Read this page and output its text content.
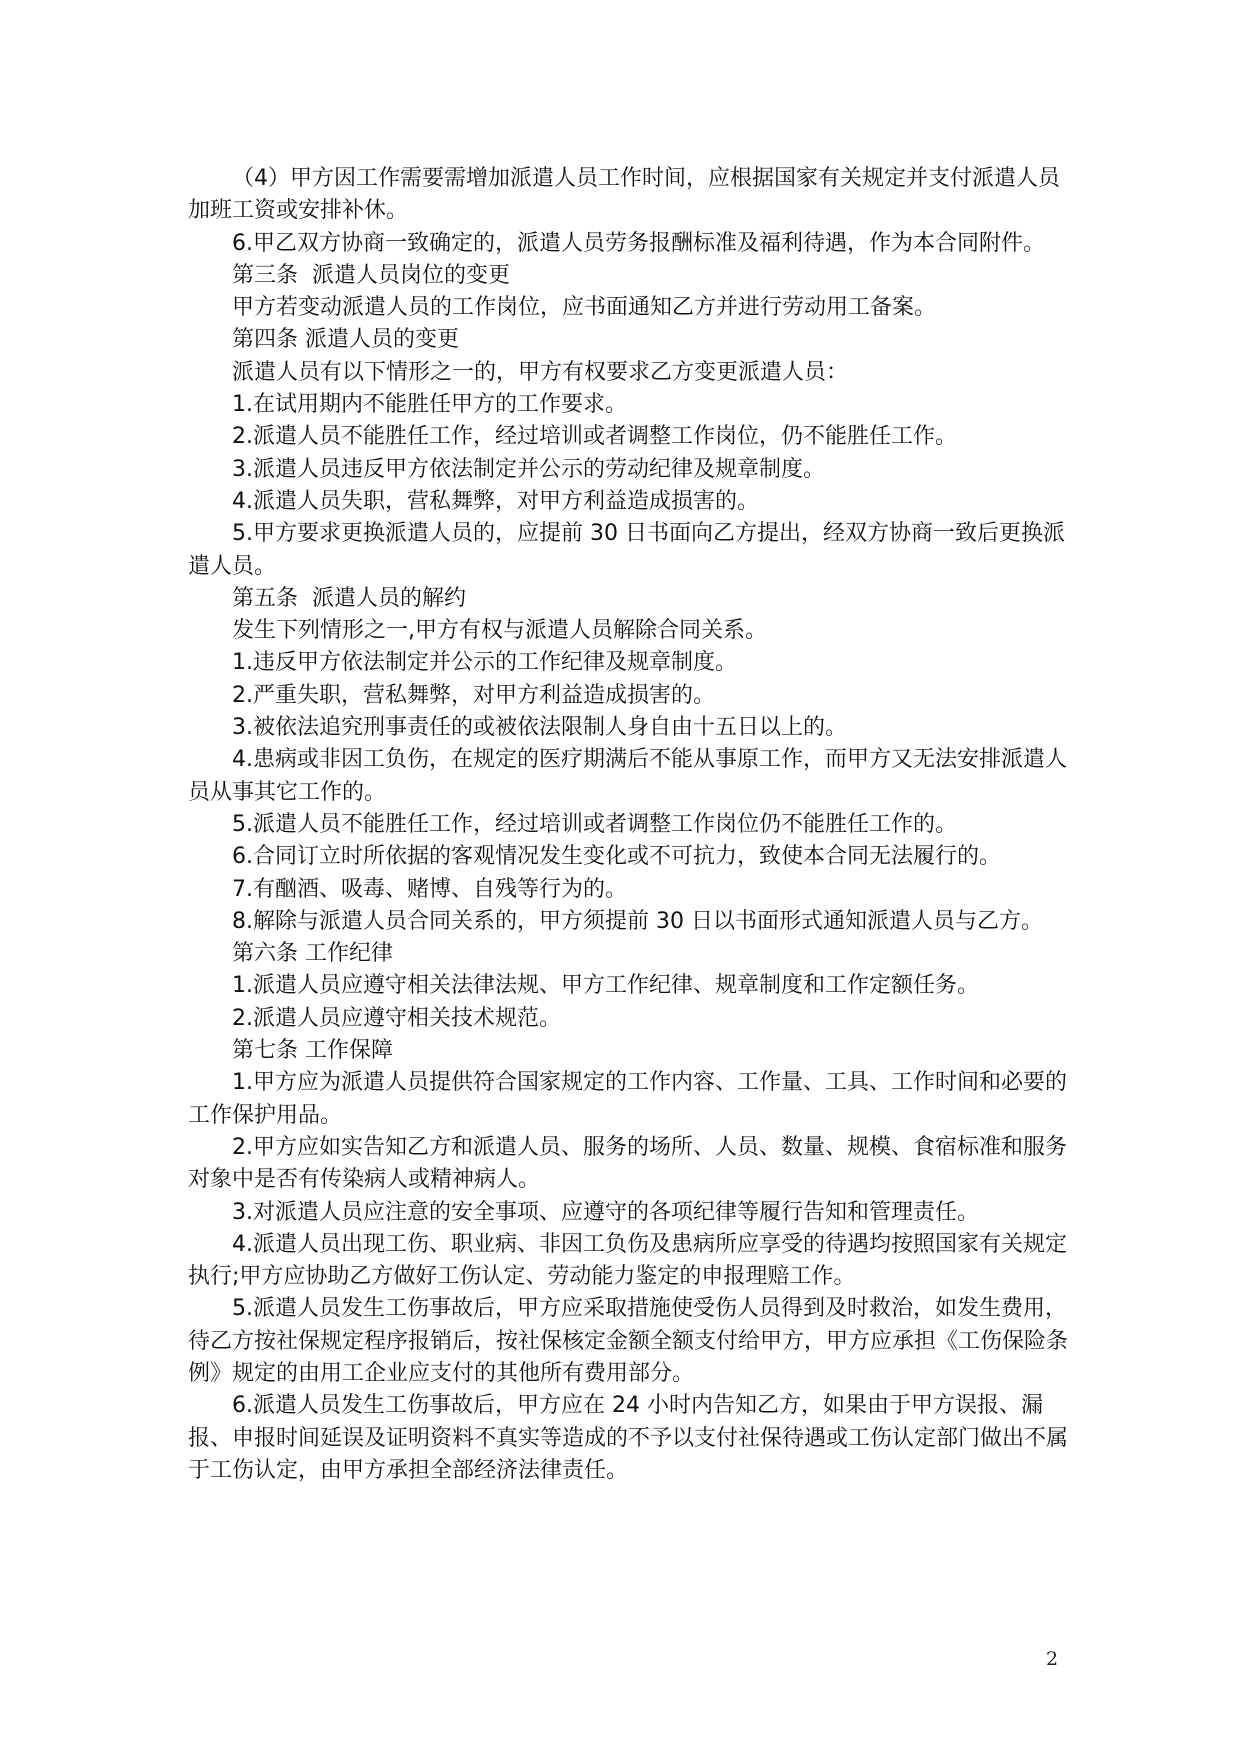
（4）甲方因工作需要需增加派遣人员工作时间，应根据国家有关规定并支付派遣人员加班工资或安排补休。

6.甲乙双方协商一致确定的，派遣人员劳务报酬标准及福利待遇，作为本合同附件。

第三条  派遣人员岗位的变更

甲方若变动派遣人员的工作岗位，应书面通知乙方并进行劳动用工备案。

第四条 派遣人员的变更

派遣人员有以下情形之一的，甲方有权要求乙方变更派遣人员：

1.在试用期内不能胜任甲方的工作要求。

2.派遣人员不能胜任工作，经过培训或者调整工作岗位，仍不能胜任工作。

3.派遣人员违反甲方依法制定并公示的劳动纪律及规章制度。

4.派遣人员失职，营私舞弊，对甲方利益造成损害的。

5.甲方要求更换派遣人员的，应提前 30 日书面向乙方提出，经双方协商一致后更换派遣人员。

第五条  派遣人员的解约

发生下列情形之一,甲方有权与派遣人员解除合同关系。

1.违反甲方依法制定并公示的工作纪律及规章制度。

2.严重失职，营私舞弊，对甲方利益造成损害的。

3.被依法追究刑事责任的或被依法限制人身自由十五日以上的。

4.患病或非因工负伤，在规定的医疗期满后不能从事原工作，而甲方又无法安排派遣人员从事其它工作的。

5.派遣人员不能胜任工作，经过培训或者调整工作岗位仍不能胜任工作的。

6.合同订立时所依据的客观情况发生变化或不可抗力，致使本合同无法履行的。

7.有酗酒、吸毒、赌博、自残等行为的。

8.解除与派遣人员合同关系的，甲方须提前 30 日以书面形式通知派遣人员与乙方。

第六条 工作纪律

1.派遣人员应遵守相关法律法规、甲方工作纪律、规章制度和工作定额任务。

2.派遣人员应遵守相关技术规范。

第七条 工作保障

1.甲方应为派遣人员提供符合国家规定的工作内容、工作量、工具、工作时间和必要的工作保护用品。

2.甲方应如实告知乙方和派遣人员、服务的场所、人员、数量、规模、食宿标准和服务对象中是否有传染病人或精神病人。

3.对派遣人员应注意的安全事项、应遵守的各项纪律等履行告知和管理责任。

4.派遣人员出现工伤、职业病、非因工负伤及患病所应享受的待遇均按照国家有关规定执行;甲方应协助乙方做好工伤认定、劳动能力鉴定的申报理赔工作。

5.派遣人员发生工伤事故后，甲方应采取措施使受伤人员得到及时救治，如发生费用，待乙方按社保规定程序报销后，按社保核定金额全额支付给甲方，甲方应承担《工伤保险条例》规定的由用工企业应支付的其他所有费用部分。

6.派遣人员发生工伤事故后，甲方应在 24 小时内告知乙方，如果由于甲方误报、漏报、申报时间延误及证明资料不真实等造成的不予以支付社保待遇或工伤认定部门做出不属于工伤认定，由甲方承担全部经济法律责任。

2
